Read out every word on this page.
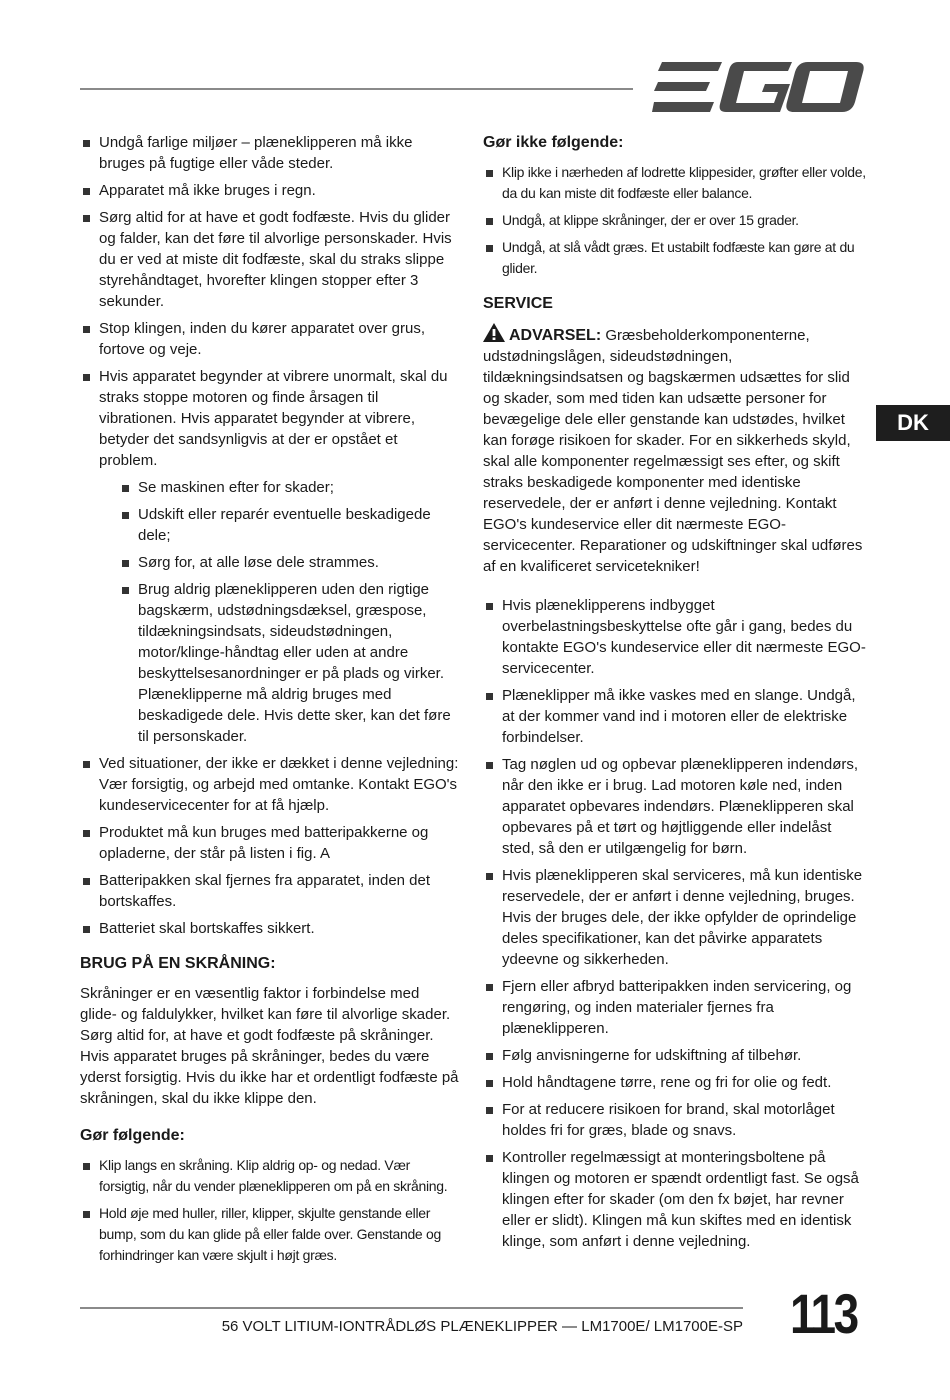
DK
Undgå farlige miljøer – plæneklipperen må ikke bruges på fugtige eller våde steder.
Apparatet må ikke bruges i regn.
Sørg altid for at have et godt fodfæste. Hvis du glider og falder, kan det føre til alvorlige personskader. Hvis du er ved at miste dit fodfæste, skal du straks slippe styrehåndtaget, hvorefter klingen stopper efter 3 sekunder.
Stop klingen, inden du kører apparatet over grus, fortove og veje.
Hvis apparatet begynder at vibrere unormalt, skal du straks stoppe motoren og finde årsagen til vibrationen. Hvis apparatet begynder at vibrere, betyder det sandsynligvis at der er opstået et problem.
Se maskinen efter for skader;
Udskift eller reparér eventuelle beskadigede dele;
Sørg for, at alle løse dele strammes.
Brug aldrig plæneklipperen uden den rigtige bagskærm, udstødningsdæksel, græspose, tildækningsindsats, sideudstødningen, motor/klinge-håndtag eller uden at andre beskyttelsesanordninger er på plads og virker. Plæneklipperne må aldrig bruges med beskadigede dele. Hvis dette sker, kan det føre til personskader.
Ved situationer, der ikke er dækket i denne vejledning: Vær forsigtig, og arbejd med omtanke. Kontakt EGO's kundeservicecenter for at få hjælp.
Produktet må kun bruges med batteripakkerne og opladerne, der står på listen i fig. A
Batteripakken skal fjernes fra apparatet, inden det bortskaffes.
Batteriet skal bortskaffes sikkert.
BRUG PÅ EN SKRÅNING:

Skråninger er en væsentlig faktor i forbindelse med glide- og faldulykker, hvilket kan føre til alvorlige skader. Sørg altid for, at have et godt fodfæste på skråninger. Hvis apparatet bruges på skråninger, bedes du være yderst forsigtig. Hvis du ikke har et ordentligt fodfæste på skråningen, skal du ikke klippe den.

Gør følgende:
Klip langs en skråning. Klip aldrig op- og nedad. Vær forsigtig, når du vender plæneklipperen om på en skråning.
Hold øje med huller, riller, klipper, skjulte genstande eller bump, som du kan glide på eller falde over. Genstande og forhindringer kan være skjult i højt græs.
Gør ikke følgende:
Klip ikke i nærheden af lodrette klippesider, grøfter eller volde, da du kan miste dit fodfæste eller balance.
Undgå, at klippe skråninger, der er over 15 grader.
Undgå, at slå vådt græs. Et ustabilt fodfæste kan gøre at du glider.
SERVICE

ADVARSEL: Græsbeholderkomponenterne, udstødningslågen, sideudstødningen, tildækningsindsatsen og bagskærmen udsættes for slid og skader, som med tiden kan udsætte personer for bevægelige dele eller genstande kan udstødes, hvilket kan forøge risikoen for skader. For en sikkerheds skyld, skal alle komponenter regelmæssigt ses efter, og skift straks beskadigede komponenter med identiske reservedele, der er anført i denne vejledning. Kontakt EGO's kundeservice eller dit nærmeste EGO-servicecenter. Reparationer og udskiftninger skal udføres af en kvalificeret servicetekniker!

Hvis plæneklipperens indbygget overbelastningsbeskyttelse ofte går i gang, bedes du kontakte EGO's kundeservice eller dit nærmeste EGO-servicecenter.
Plæneklipper må ikke vaskes med en slange. Undgå, at der kommer vand ind i motoren eller de elektriske forbindelser.
Tag nøglen ud og opbevar plæneklipperen indendørs, når den ikke er i brug. Lad motoren køle ned, inden apparatet opbevares indendørs. Plæneklipperen skal opbevares på et tørt og højtliggende eller indelåst sted, så den er utilgængelig for børn.
Hvis plæneklipperen skal serviceres, må kun identiske reservedele, der er anført i denne vejledning, bruges. Hvis der bruges dele, der ikke opfylder de oprindelige deles specifikationer, kan det påvirke apparatets ydeevne og sikkerheden.
Fjern eller afbryd batteripakken inden servicering, og rengøring, og inden materialer fjernes fra plæneklipperen.
Følg anvisningerne for udskiftning af tilbehør.
Hold håndtagene tørre, rene og fri for olie og fedt.
For at reducere risikoen for brand, skal motorlåget holdes fri for græs, blade og snavs.
Kontroller regelmæssigt at monteringsboltene på klingen og motoren er spændt ordentligt fast. Se også klingen efter for skader (om den fx bøjet, har revner eller er slidt). Klingen må kun skiftes med en identisk klinge, som anført i denne vejledning.
56 VOLT LITIUM-IONTRÅDLØS PLÆNEKLIPPER — LM1700E/ LM1700E-SP 113
